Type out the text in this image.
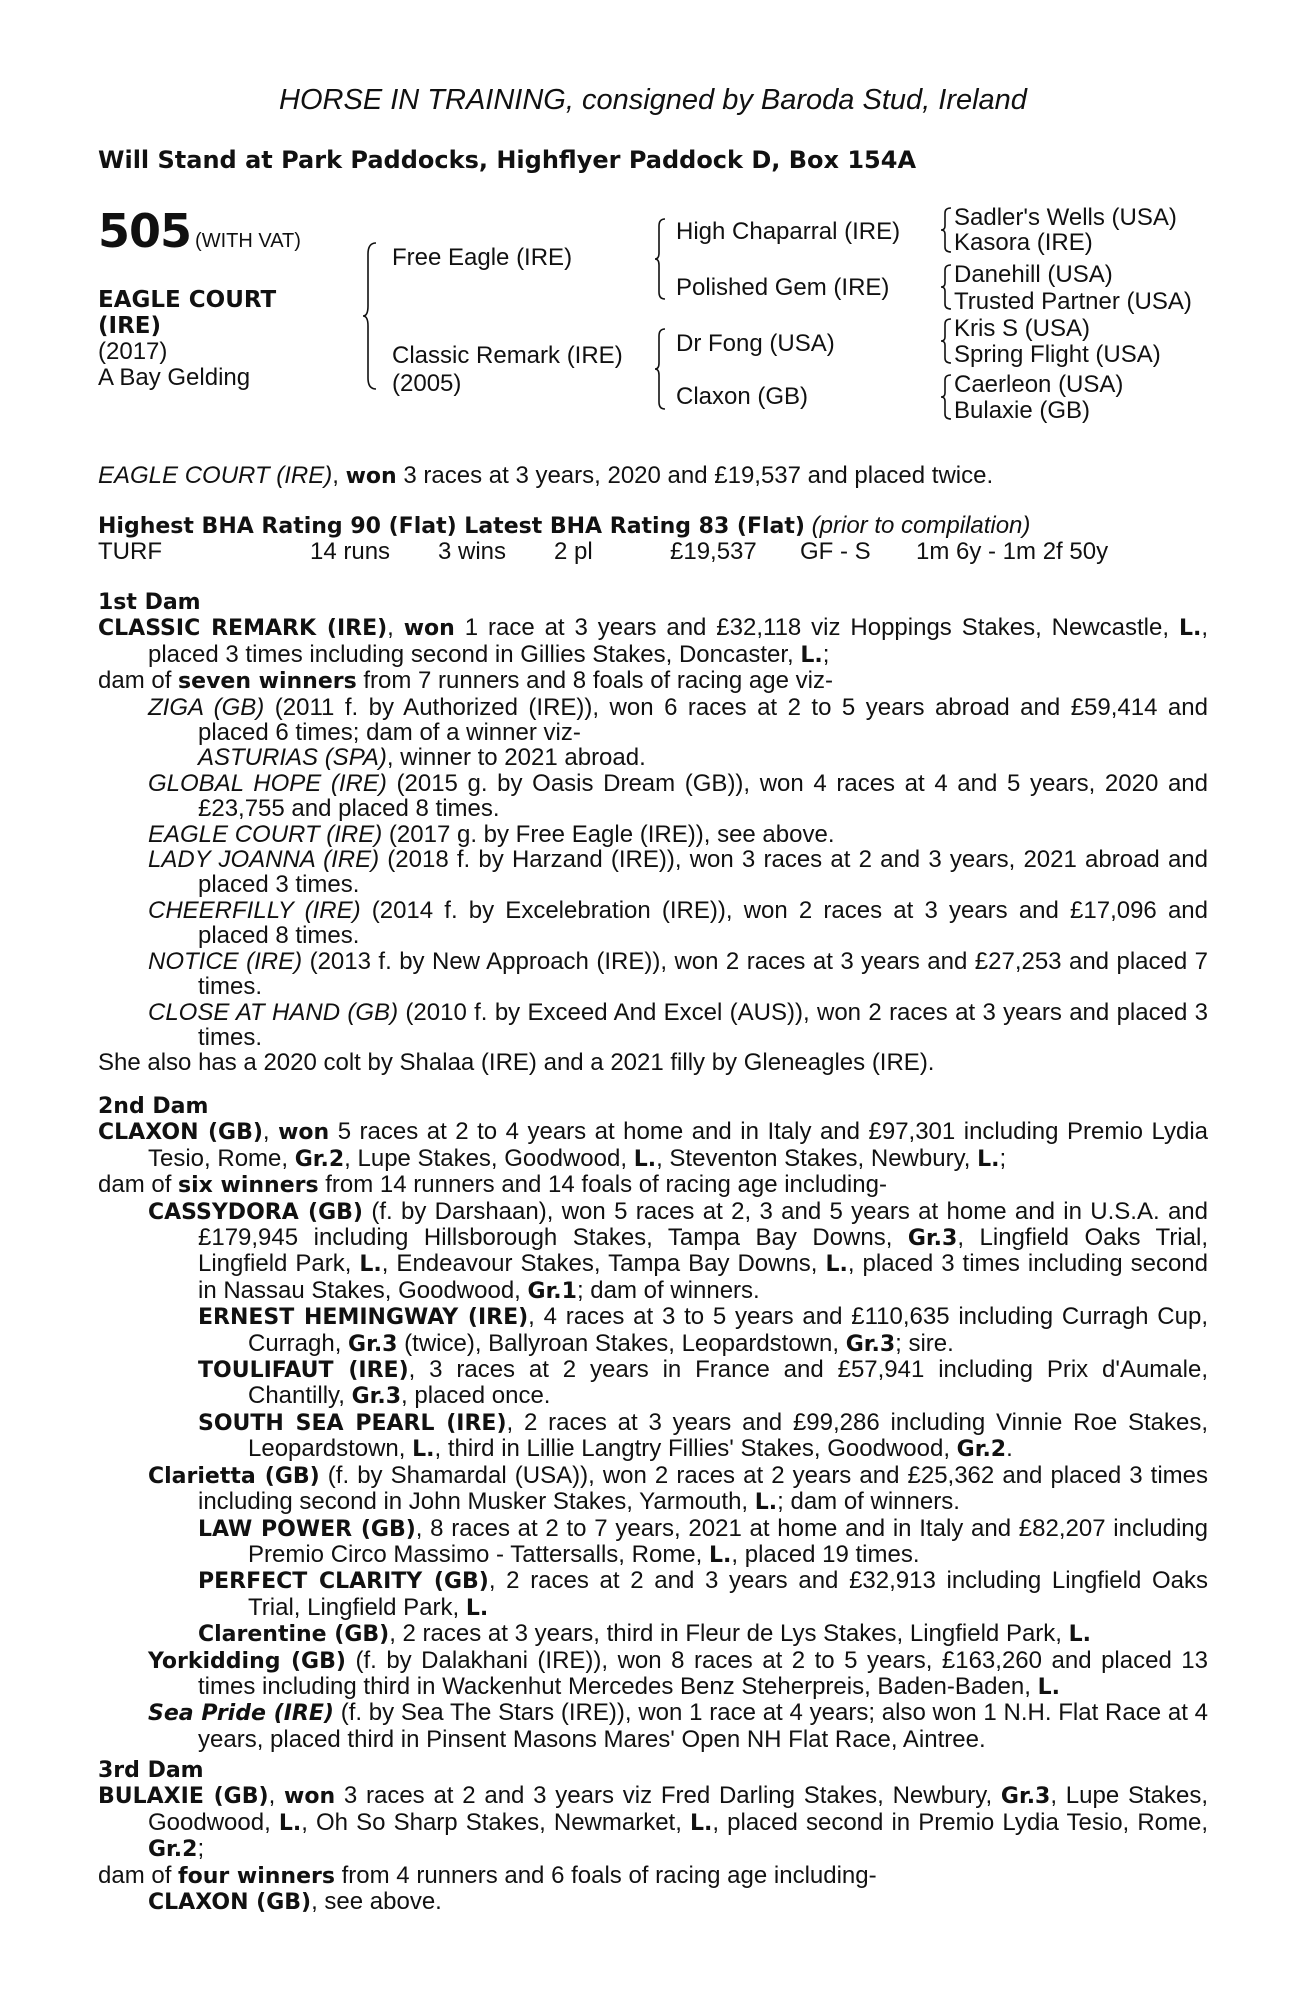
HORSE IN TRAINING, consigned by Baroda Stud, Ireland
Will Stand at Park Paddocks, Highflyer Paddock D, Box 154A
505 (WITH VAT)
EAGLE COURT
(IRE)
(2017)
A Bay Gelding
Free Eagle (IRE)
Classic Remark (IRE)
(2005)
High Chaparral (IRE)
Polished Gem (IRE)
Dr Fong (USA)
Claxon (GB)
Sadler's Wells (USA)
Kasora (IRE)
Danehill (USA)
Trusted Partner (USA)
Kris S (USA)
Spring Flight (USA)
Caerleon (USA)
Bulaxie (GB)
EAGLE COURT (IRE), won 3 races at 3 years, 2020 and £19,537 and placed twice.
Highest BHA Rating 90 (Flat) Latest BHA Rating 83 (Flat) (prior to compilation)
TURF	14 runs 3 wins 2 pl	£19,537 GF - S 1m 6y - 1m 2f 50y
1st Dam
CLASSIC REMARK (IRE), won 1 race at 3 years and £32,118 viz Hoppings Stakes, Newcastle, L., placed 3 times including second in Gillies Stakes, Doncaster, L.;
dam of seven winners from 7 runners and 8 foals of racing age viz-
ZIGA (GB) (2011 f. by Authorized (IRE)), won 6 races at 2 to 5 years abroad and £59,414 and placed 6 times; dam of a winner viz-
ASTURIAS (SPA), winner to 2021 abroad.
GLOBAL HOPE (IRE) (2015 g. by Oasis Dream (GB)), won 4 races at 4 and 5 years, 2020 and £23,755 and placed 8 times.
EAGLE COURT (IRE) (2017 g. by Free Eagle (IRE)), see above.
LADY JOANNA (IRE) (2018 f. by Harzand (IRE)), won 3 races at 2 and 3 years, 2021 abroad and placed 3 times.
CHEERFILLY (IRE) (2014 f. by Excelebration (IRE)), won 2 races at 3 years and £17,096 and placed 8 times.
NOTICE (IRE) (2013 f. by New Approach (IRE)), won 2 races at 3 years and £27,253 and placed 7 times.
CLOSE AT HAND (GB) (2010 f. by Exceed And Excel (AUS)), won 2 races at 3 years and placed 3 times.
She also has a 2020 colt by Shalaa (IRE) and a 2021 filly by Gleneagles (IRE).
2nd Dam
CLAXON (GB), won 5 races at 2 to 4 years at home and in Italy and £97,301 including Premio Lydia Tesio, Rome, Gr.2, Lupe Stakes, Goodwood, L., Steventon Stakes, Newbury, L.;
dam of six winners from 14 runners and 14 foals of racing age including-
CASSYDORA (GB) (f. by Darshaan), won 5 races at 2, 3 and 5 years at home and in U.S.A. and £179,945 including Hillsborough Stakes, Tampa Bay Downs, Gr.3, Lingfield Oaks Trial, Lingfield Park, L., Endeavour Stakes, Tampa Bay Downs, L., placed 3 times including second in Nassau Stakes, Goodwood, Gr.1; dam of winners.
ERNEST HEMINGWAY (IRE), 4 races at 3 to 5 years and £110,635 including Curragh Cup, Curragh, Gr.3 (twice), Ballyroan Stakes, Leopardstown, Gr.3; sire.
TOULIFAUT (IRE), 3 races at 2 years in France and £57,941 including Prix d'Aumale, Chantilly, Gr.3, placed once.
SOUTH SEA PEARL (IRE), 2 races at 3 years and £99,286 including Vinnie Roe Stakes, Leopardstown, L., third in Lillie Langtry Fillies' Stakes, Goodwood, Gr.2.
Clarietta (GB) (f. by Shamardal (USA)), won 2 races at 2 years and £25,362 and placed 3 times including second in John Musker Stakes, Yarmouth, L.; dam of winners.
LAW POWER (GB), 8 races at 2 to 7 years, 2021 at home and in Italy and £82,207 including Premio Circo Massimo - Tattersalls, Rome, L., placed 19 times.
PERFECT CLARITY (GB), 2 races at 2 and 3 years and £32,913 including Lingfield Oaks Trial, Lingfield Park, L.
Clarentine (GB), 2 races at 3 years, third in Fleur de Lys Stakes, Lingfield Park, L.
Yorkidding (GB) (f. by Dalakhani (IRE)), won 8 races at 2 to 5 years, £163,260 and placed 13 times including third in Wackenhut Mercedes Benz Steherpreis, Baden-Baden, L.
Sea Pride (IRE) (f. by Sea The Stars (IRE)), won 1 race at 4 years; also won 1 N.H. Flat Race at 4 years, placed third in Pinsent Masons Mares' Open NH Flat Race, Aintree.
3rd Dam
BULAXIE (GB), won 3 races at 2 and 3 years viz Fred Darling Stakes, Newbury, Gr.3, Lupe Stakes, Goodwood, L., Oh So Sharp Stakes, Newmarket, L., placed second in Premio Lydia Tesio, Rome, Gr.2;
dam of four winners from 4 runners and 6 foals of racing age including-
CLAXON (GB), see above.
